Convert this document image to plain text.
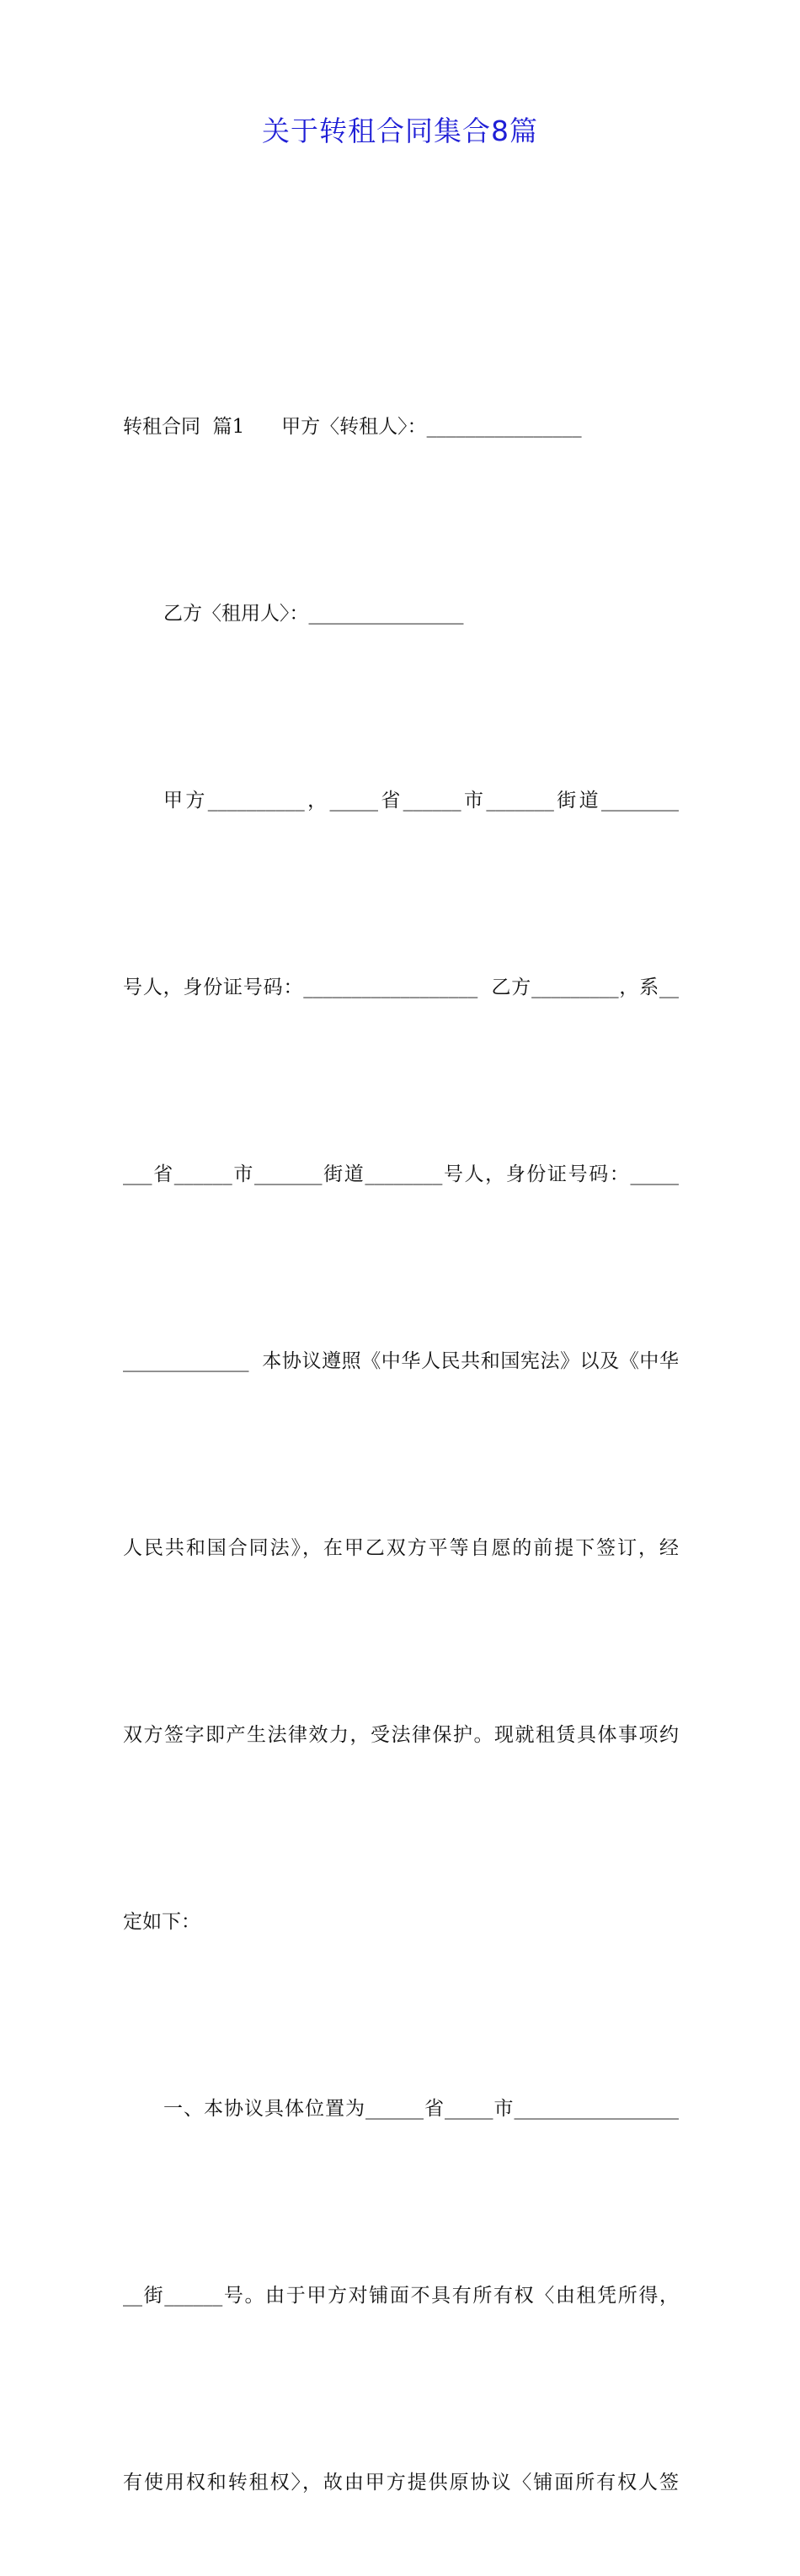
关于转租合同集合8篇

转租合同  篇1      甲方〈转租人〉：________________

乙方〈租用人〉：________________

甲方__________，_____省______市_______街道________

号人，身份证号码：__________________  乙方_________，系__

___省______市_______街道________号人，身份证号码：_____

_____________  本协议遵照《中华人民共和国宪法》以及《中华

人民共和国合同法》，在甲乙双方平等自愿的前提下签订，经

双方签字即产生法律效力，受法律保护。现就租赁具体事项约

定如下：

一、本协议具体位置为______省_____市_________________

__街______号。由于甲方对铺面不具有所有权〈由租凭所得，

有使用权和转租权〉，故由甲方提供原协议〈铺面所有权人签
